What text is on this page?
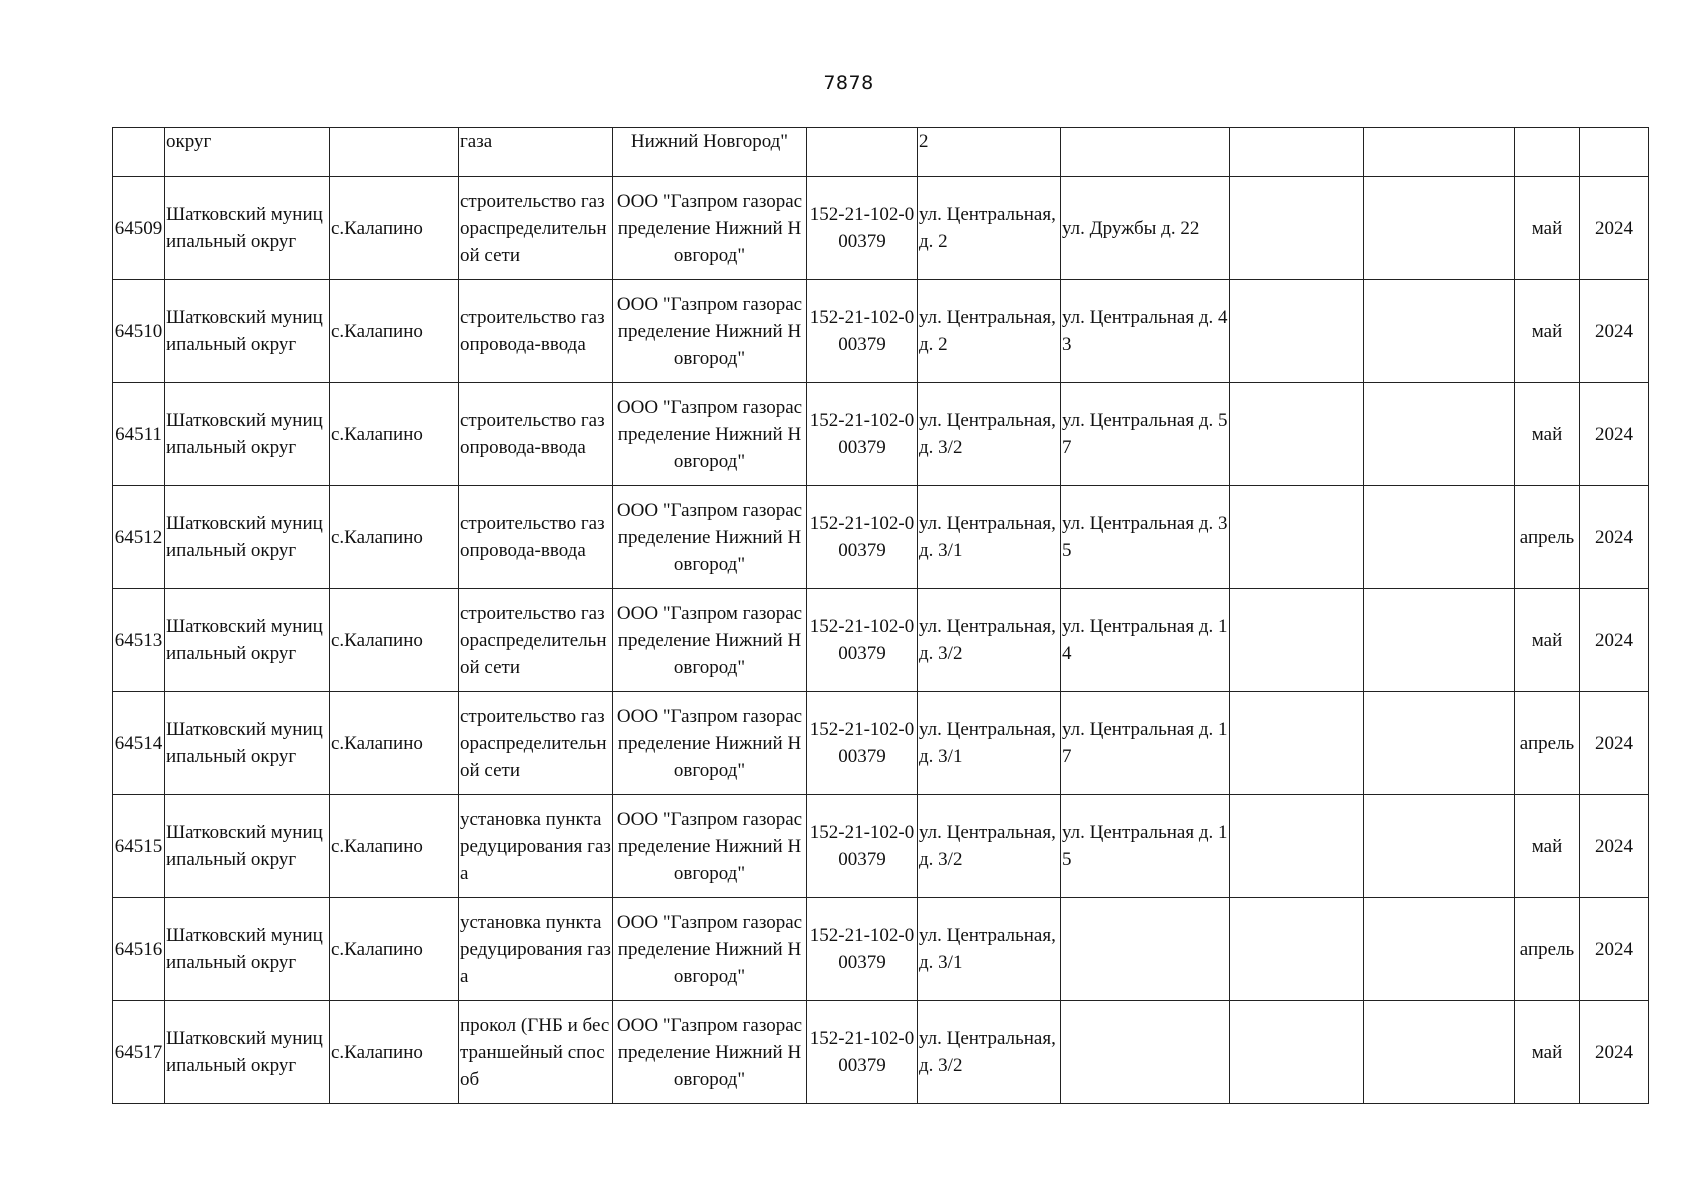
7878

	округ		газа	Нижний Новгород"		2					

64509	Шатковский муниципальный округ	с.Калапино	строительство газораспределительной сети	ООО "Газпром газораспределение Нижний Новгород"	152-21-102-000379	ул. Центральная, д. 2	ул. Дружбы д. 22			май	2024

64510	Шатковский муниципальный округ	с.Калапино	строительство газопровода-ввода	ООО "Газпром газораспределение Нижний Новгород"	152-21-102-000379	ул. Центральная, д. 2	ул. Центральная д. 43			май	2024

64511	Шатковский муниципальный округ	с.Калапино	строительство газопровода-ввода	ООО "Газпром газораспределение Нижний Новгород"	152-21-102-000379	ул. Центральная, д. 3/2	ул. Центральная д. 57			май	2024

64512	Шатковский муниципальный округ	с.Калапино	строительство газопровода-ввода	ООО "Газпром газораспределение Нижний Новгород"	152-21-102-000379	ул. Центральная, д. 3/1	ул. Центральная д. 35			апрель	2024

64513	Шатковский муниципальный округ	с.Калапино	строительство газораспределительной сети	ООО "Газпром газораспределение Нижний Новгород"	152-21-102-000379	ул. Центральная, д. 3/2	ул. Центральная д. 14			май	2024

64514	Шатковский муниципальный округ	с.Калапино	строительство газораспределительной сети	ООО "Газпром газораспределение Нижний Новгород"	152-21-102-000379	ул. Центральная, д. 3/1	ул. Центральная д. 17			апрель	2024

64515	Шатковский муниципальный округ	с.Калапино	установка пункта редуцирования газа	ООО "Газпром газораспределение Нижний Новгород"	152-21-102-000379	ул. Центральная, д. 3/2	ул. Центральная д. 15			май	2024

64516	Шатковский муниципальный округ	с.Калапино	установка пункта редуцирования газа	ООО "Газпром газораспределение Нижний Новгород"	152-21-102-000379	ул. Центральная, д. 3/1				апрель	2024

64517	Шатковский муниципальный округ	с.Калапино	прокол (ГНБ и бестраншейный способ	ООО "Газпром газораспределение Нижний Новгород"	152-21-102-000379	ул. Центральная, д. 3/2				май	2024
